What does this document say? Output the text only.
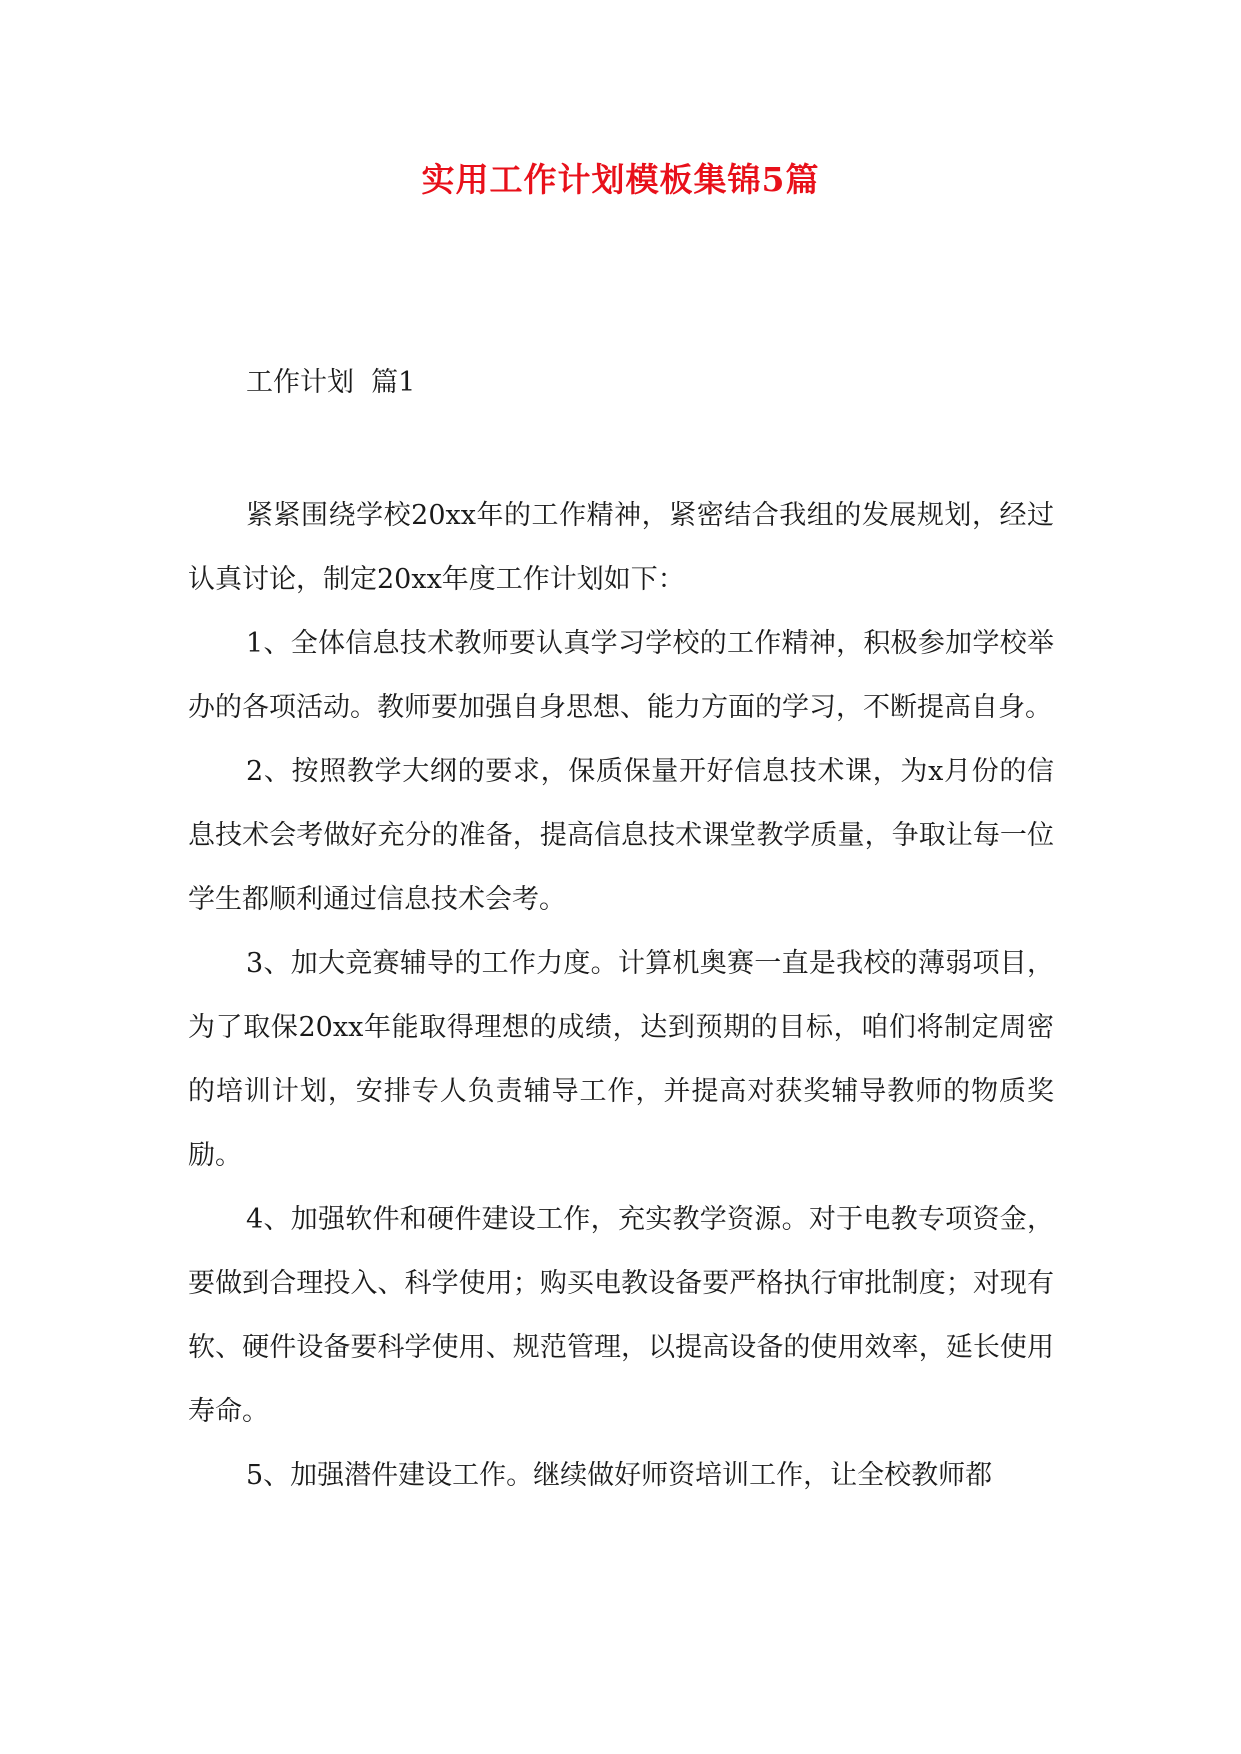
实用工作计划模板集锦5篇
工作计划  篇1

紧紧围绕学校20xx年的工作精神，紧密结合我组的发展规划，经过认真讨论，制定20xx年度工作计划如下：

1、全体信息技术教师要认真学习学校的工作精神，积极参加学校举办的各项活动。教师要加强自身思想、能力方面的学习，不断提高自身。

2、按照教学大纲的要求，保质保量开好信息技术课，为x月份的信息技术会考做好充分的准备，提高信息技术课堂教学质量，争取让每一位学生都顺利通过信息技术会考。

3、加大竞赛辅导的工作力度。计算机奥赛一直是我校的薄弱项目，为了取保20xx年能取得理想的成绩，达到预期的目标，咱们将制定周密的培训计划，安排专人负责辅导工作，并提高对获奖辅导教师的物质奖励。

4、加强软件和硬件建设工作，充实教学资源。对于电教专项资金，要做到合理投入、科学使用；购买电教设备要严格执行审批制度；对现有软、硬件设备要科学使用、规范管理，以提高设备的使用效率，延长使用寿命。

5、加强潜件建设工作。继续做好师资培训工作，让全校教师都
